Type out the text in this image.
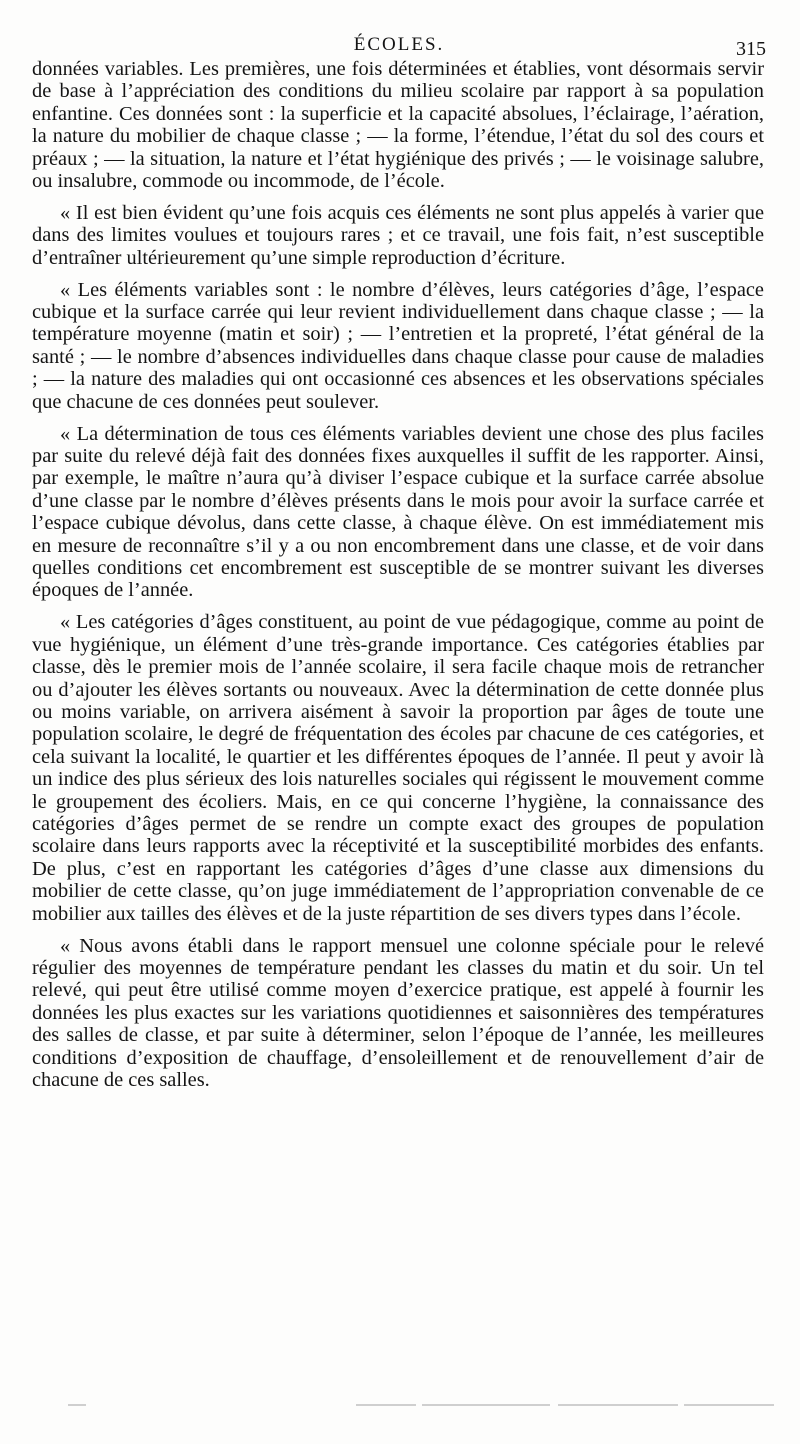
ÉCOLES.	315

données variables. Les premières, une fois déterminées et établies, vont désormais servir de base à l’appréciation des conditions du milieu scolaire par rapport à sa population enfantine. Ces données sont : la superficie et la capacité absolues, l’éclairage, l’aération, la nature du mobilier de chaque classe ; — la forme, l’étendue, l’état du sol des cours et préaux ; — la situation, la nature et l’état hygiénique des privés ; — le voisinage salubre, ou insalubre, commode ou incommode, de l’école.

« Il est bien évident qu’une fois acquis ces éléments ne sont plus appelés à varier que dans des limites voulues et toujours rares ; et ce travail, une fois fait, n’est susceptible d’entraîner ultérieurement qu’une simple reproduction d’écriture.

« Les éléments variables sont : le nombre d’élèves, leurs catégories d’âge, l’espace cubique et la surface carrée qui leur revient individuellement dans chaque classe ; — la température moyenne (matin et soir) ; — l’entretien et la propreté, l’état général de la santé ; — le nombre d’absences individuelles dans chaque classe pour cause de maladies ; — la nature des maladies qui ont occasionné ces absences et les observations spéciales que chacune de ces données peut soulever.

« La détermination de tous ces éléments variables devient une chose des plus faciles par suite du relevé déjà fait des données fixes auxquelles il suffit de les rapporter. Ainsi, par exemple, le maître n’aura qu’à diviser l’espace cubique et la surface carrée absolue d’une classe par le nombre d’élèves présents dans le mois pour avoir la surface carrée et l’espace cubique dévolus, dans cette classe, à chaque élève. On est immédiatement mis en mesure de reconnaître s’il y a ou non encombrement dans une classe, et de voir dans quelles conditions cet encombrement est susceptible de se montrer suivant les diverses époques de l’année.

« Les catégories d’âges constituent, au point de vue pédagogique, comme au point de vue hygiénique, un élément d’une très-grande importance. Ces catégories établies par classe, dès le premier mois de l’année scolaire, il sera facile chaque mois de retrancher ou d’ajouter les élèves sortants ou nouveaux. Avec la détermination de cette donnée plus ou moins variable, on arrivera aisément à savoir la proportion par âges de toute une population scolaire, le degré de fréquentation des écoles par chacune de ces catégories, et cela suivant la localité, le quartier et les différentes époques de l’année. Il peut y avoir là un indice des plus sérieux des lois naturelles sociales qui régissent le mouvement comme le groupement des écoliers. Mais, en ce qui concerne l’hygiène, la connaissance des catégories d’âges permet de se rendre un compte exact des groupes de population scolaire dans leurs rapports avec la réceptivité et la susceptibilité morbides des enfants. De plus, c’est en rapportant les catégories d’âges d’une classe aux dimensions du mobilier de cette classe, qu’on juge immédiatement de l’appropriation convenable de ce mobilier aux tailles des élèves et de la juste répartition de ses divers types dans l’école.

« Nous avons établi dans le rapport mensuel une colonne spéciale pour le relevé régulier des moyennes de température pendant les classes du matin et du soir. Un tel relevé, qui peut être utilisé comme moyen d’exercice pratique, est appelé à fournir les données les plus exactes sur les variations quotidiennes et saisonnières des températures des salles de classe, et par suite à déterminer, selon l’époque de l’année, les meilleures conditions d’exposition de chauffage, d’ensoleillement et de renouvellement d’air de chacune de ces salles.
